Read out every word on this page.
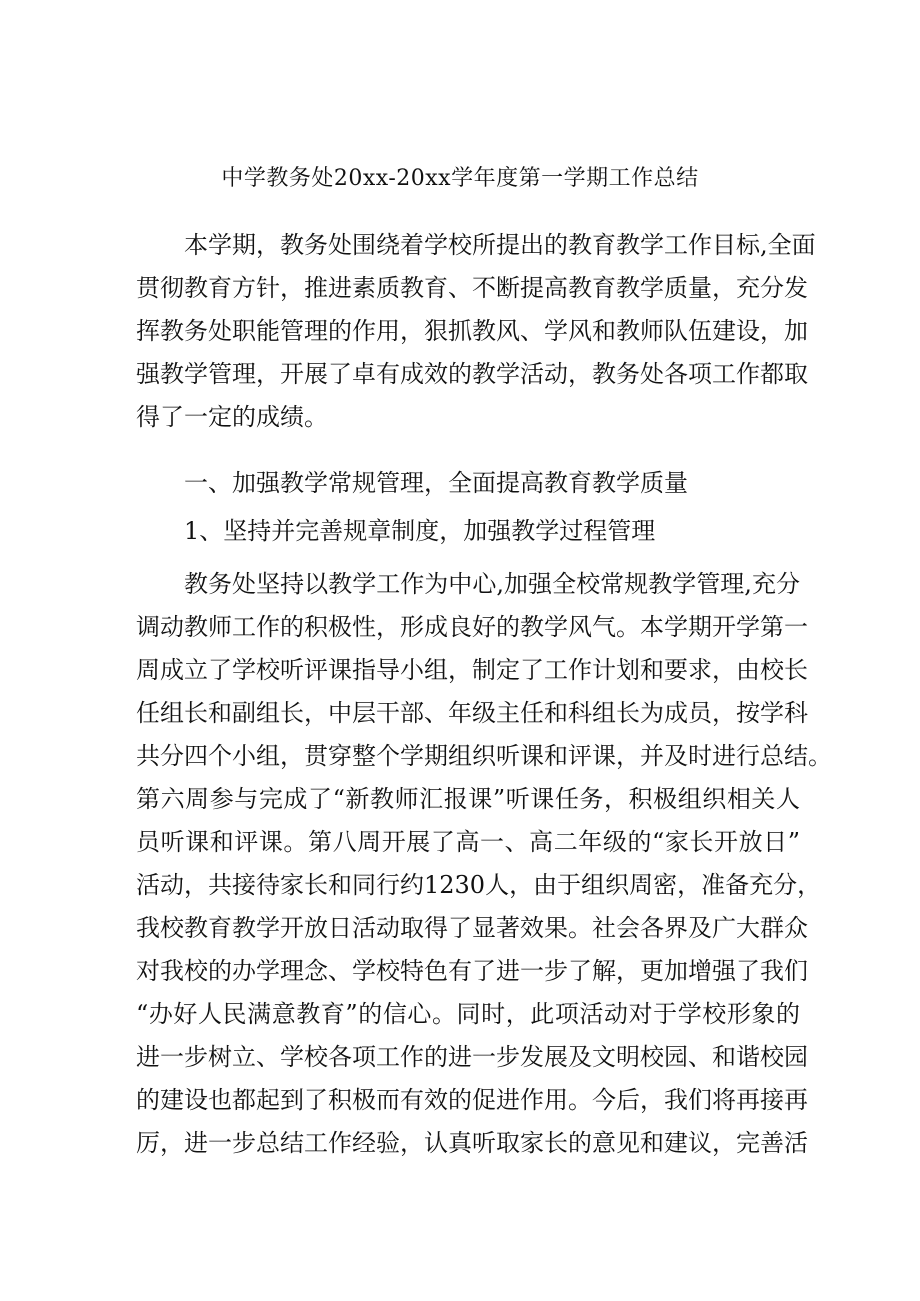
中学教务处20xx-20xx学年度第一学期工作总结
本学期，教务处围绕着学校所提出的教育教学工作目标,全面
贯彻教育方针，推进素质教育、不断提高教育教学质量，充分发
挥教务处职能管理的作用，狠抓教风、学风和教师队伍建设，加
强教学管理，开展了卓有成效的教学活动，教务处各项工作都取
得了一定的成绩。
一、加强教学常规管理，全面提高教育教学质量
1、坚持并完善规章制度，加强教学过程管理
教务处坚持以教学工作为中心,加强全校常规教学管理,充分
调动教师工作的积极性，形成良好的教学风气。本学期开学第一
周成立了学校听评课指导小组，制定了工作计划和要求，由校长
任组长和副组长，中层干部、年级主任和科组长为成员，按学科
共分四个小组，贯穿整个学期组织听课和评课，并及时进行总结。
第六周参与完成了“新教师汇报课”听课任务，积极组织相关人
员听课和评课。第八周开展了高一、高二年级的“家长开放日”
活动，共接待家长和同行约1230人，由于组织周密，准备充分，
我校教育教学开放日活动取得了显著效果。社会各界及广大群众
对我校的办学理念、学校特色有了进一步了解，更加增强了我们
“办好人民满意教育”的信心。同时，此项活动对于学校形象的
进一步树立、学校各项工作的进一步发展及文明校园、和谐校园
的建设也都起到了积极而有效的促进作用。今后，我们将再接再
厉，进一步总结工作经验，认真听取家长的意见和建议，完善活
